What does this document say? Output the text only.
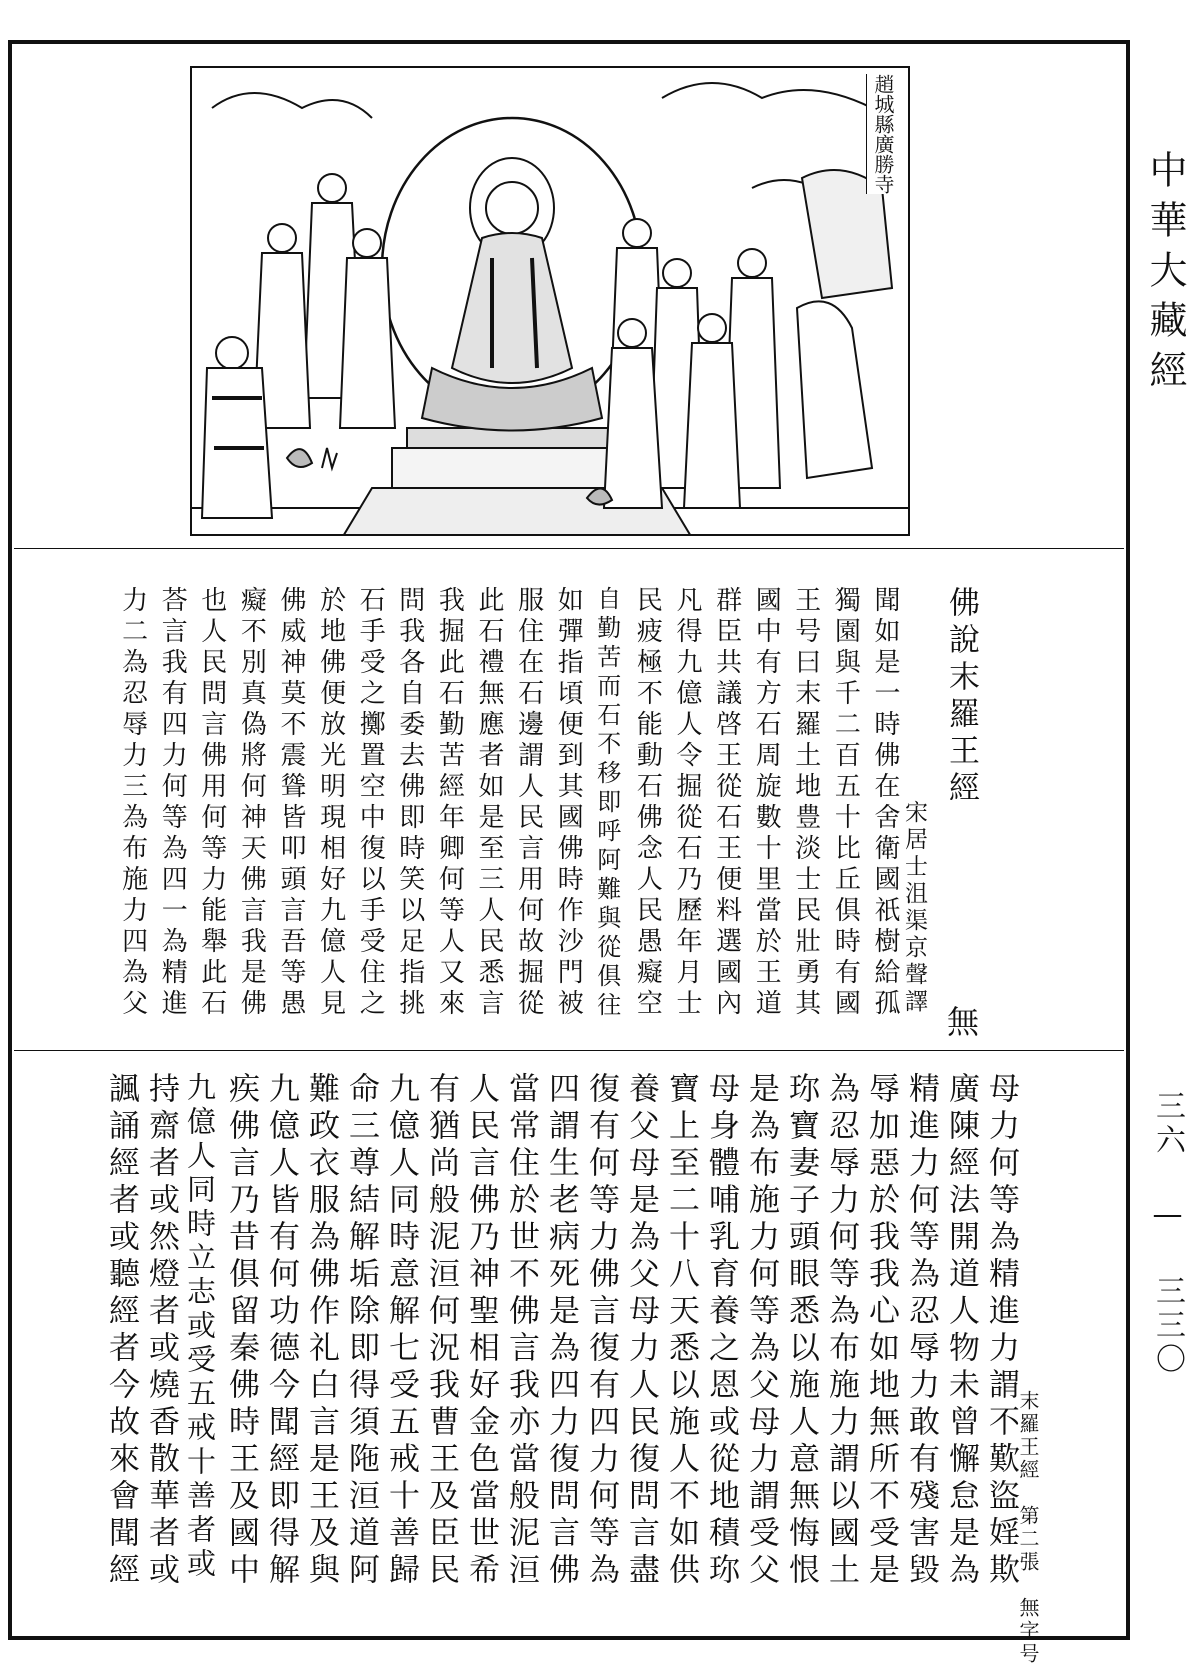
中華大藏經
三六 — 三三〇
趙城縣廣勝寺
佛說末羅王經
宋居士沮渠京聲譯
無
聞如是一時佛在舍衛國祇樹給孤
獨園與千二百五十比丘俱時有國
王号曰末羅土地豊淡士民壯勇其
國中有方石周旋數十里當於王道
群臣共議啓王從石王便料選國內
凡得九億人令掘從石乃歷年月士
民疲極不能動石佛念人民愚癡空
自勤苦而石不移即呼阿難與從俱往
如彈指頃便到其國佛時作沙門被
服住在石邊謂人民言用何故掘從
此石禮無應者如是至三人民悉言
我掘此石勤苦經年卿何等人又來
問我各自委去佛即時笑以足指挑
石手受之擲置空中復以手受住之
於地佛便放光明現相好九億人見
佛威神莫不震聳皆叩頭言吾等愚
癡不別真偽將何神天佛言我是佛
也人民問言佛用何等力能舉此石
荅言我有四力何等為四一為精進
力二為忍辱力三為布施力四為父
末羅王經　第二張　無字号
母力何等為精進力謂不歎盜婬欺
廣陳經法開道人物未曾懈怠是為
精進力何等為忍辱力敢有殘害毀
辱加惡於我我心如地無所不受是
為忍辱力何等為布施力謂以國土
珎寶妻子頭眼悉以施人意無悔恨
是為布施力何等為父母力謂受父
母身體哺乳育養之恩或從地積珎
寶上至二十八天悉以施人不如供
養父母是為父母力人民復問言盡
復有何等力佛言復有四力何等為
四謂生老病死是為四力復問言佛
當常住於世不佛言我亦當般泥洹
人民言佛乃神聖相好金色當世希
有猶尚般泥洹何況我曹王及臣民
九億人同時意解七受五戒十善歸
命三尊結解垢除即得須陁洹道阿
難政衣服為佛作礼白言是王及與
九億人皆有何功德今聞經即得解
疾佛言乃昔俱留秦佛時王及國中
九億人同時立志或受五戒十善者或
持齋者或然燈者或燒香散華者或
諷誦經者或聽經者今故來會聞經
